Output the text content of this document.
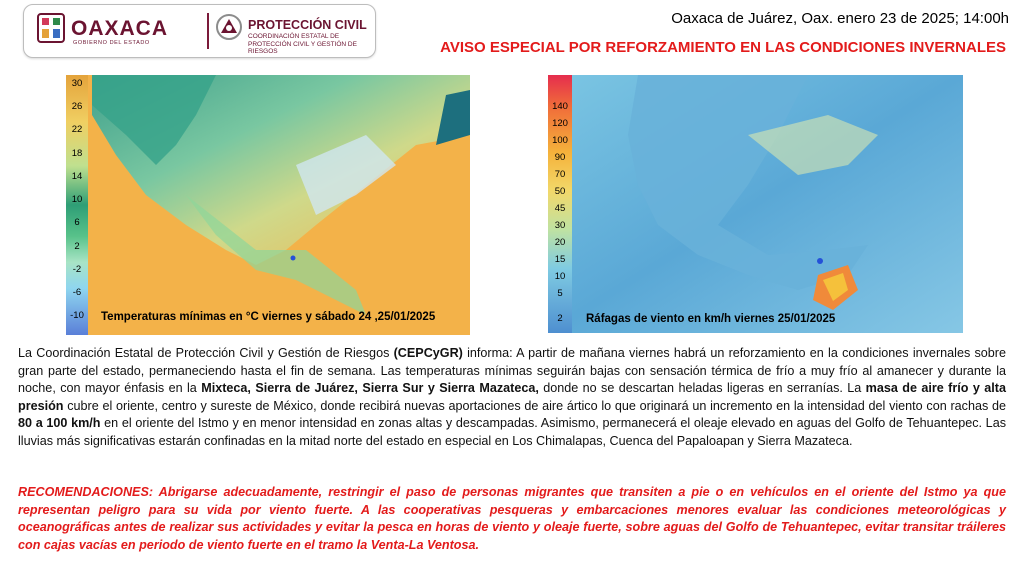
OAXACA
GOBIERNO DEL ESTADO
PROTECCIÓN CIVIL
COORDINACIÓN ESTATAL DE
PROTECCIÓN CIVIL Y GESTIÓN DE RIESGOS
Oaxaca de Juárez, Oax. enero 23 de 2025; 14:00h
AVISO ESPECIAL POR REFORZAMIENTO EN LAS CONDICIONES INVERNALES
30
26
22
18
14
10
6
2
-2
-6
-10	Temperaturas mínimas en °C viernes y sábado 24 ,25/01/2025
140
120
100
90
70
50
45
30
20
15
10
5
2	Ráfagas de viento en km/h viernes 25/01/2025
La Coordinación Estatal de Protección Civil y Gestión de Riesgos (CEPCyGR) informa: A partir de mañana viernes habrá un reforzamiento en la condiciones invernales sobre gran parte del estado, permaneciendo hasta el fin de semana. Las temperaturas mínimas seguirán bajas con sensación térmica de frío a muy frío al amanecer y durante la noche, con mayor énfasis en la Mixteca, Sierra de Juárez, Sierra Sur y Sierra Mazateca, donde no se descartan heladas ligeras en serranías. La masa de aire frío y alta presión cubre el oriente, centro y sureste de México, donde recibirá nuevas aportaciones de aire ártico lo que originará un incremento en la intensidad del viento con rachas de 80 a 100 km/h en el oriente del Istmo y en menor intensidad en zonas altas y descampadas. Asimismo, permanecerá el oleaje elevado en aguas del Golfo de Tehuantepec. Las lluvias más significativas estarán confinadas en la mitad norte del estado en especial en Los Chimalapas, Cuenca del Papaloapan y Sierra Mazateca.
RECOMENDACIONES: Abrigarse adecuadamente, restringir el paso de personas migrantes que transiten a pie o en vehículos en el oriente del Istmo ya que representan peligro para su vida por viento fuerte. A las cooperativas pesqueras y embarcaciones menores evaluar las condiciones meteorológicas y oceanográficas antes de realizar sus actividades y evitar la pesca en horas de viento y oleaje fuerte, sobre aguas del Golfo de Tehuantepec, evitar transitar tráileres con cajas vacías en periodo de viento fuerte en el tramo la Venta-La Ventosa.
